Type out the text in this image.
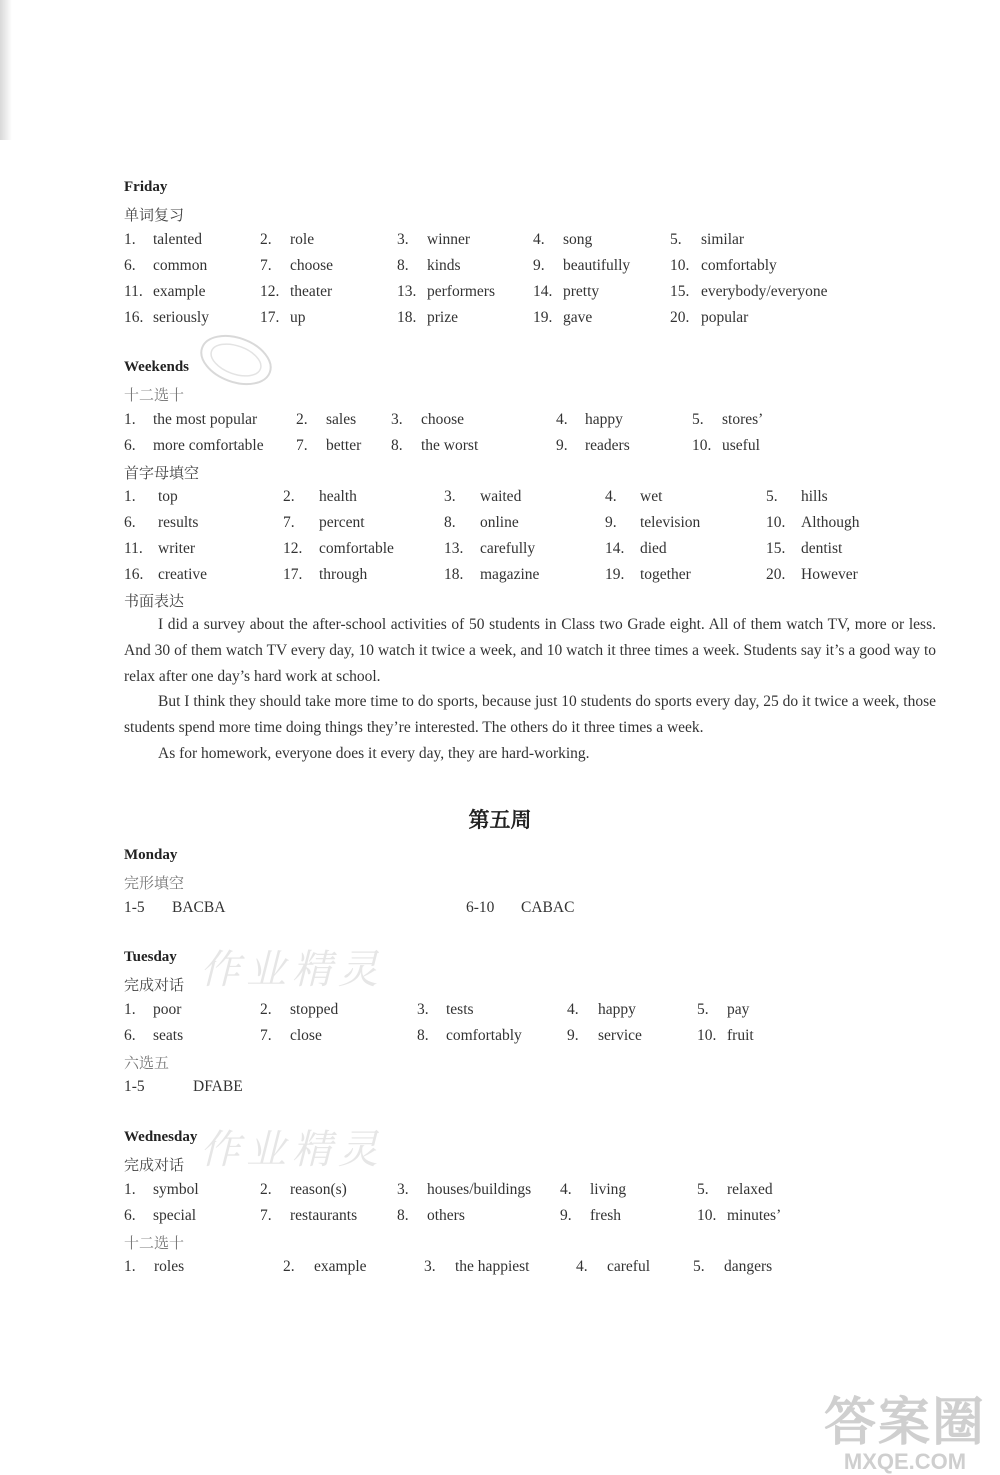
Friday
单词复习
1. talented	2. role	3. winner	4. song	5. similar
6. common	7. choose	8. kinds	9. beautifully	10. comfortably
11. example	12. theater	13. performers 14. pretty	15. everybody/everyone
16. seriously	17. up	18. prize	19. gave	20. popular
Weekends
十二选十
1. the most popular	2. sales 3. choose	4. happy	5. stores’
6. more comfortable 7. better 8. the worst	9. readers	10. useful
首字母填空
1. top	2. health	3. waited	4. wet	5. hills
6. results	7. percent	8. online	9. television	10. Although
11. writer	12. comfortable	13. carefully	14. died	15. dentist
16. creative	17. through	18. magazine	19. together	20. However
书面表达

I did a survey about the after-school activities of 50 students in Class two Grade eight. All of them watch TV, more or less. And 30 of them watch TV every day, 10 watch it twice a week, and 10 watch it three times a week. Students say it’s a good way to relax after one day’s hard work at school.

But I think they should take more time to do sports, because just 10 students do sports every day, 25 do it twice a week, those students spend more time doing things they’re interested. The others do it three times a week.

As for homework, everyone does it every day, they are hard-working.

第五周
Monday
完形填空
1-5 BACBA	6-10 CABAC
作业精灵
Tuesday
完成对话
1. poor	2. stopped	3. tests	4. happy	5. pay
6. seats	7. close	8. comfortably	9. service	10. fruit
六选五
1-5	DFABE
作业精灵
Wednesday
完成对话
1. symbol	2. reason(s)	3. houses/buildings 4. living	5. relaxed
6. special	7. restaurants	8. others	9. fresh	10. minutes’
十二选十
1. roles	2. example	3. the happiest	4. careful	5. dangers
答案圈
MXQE.COM
